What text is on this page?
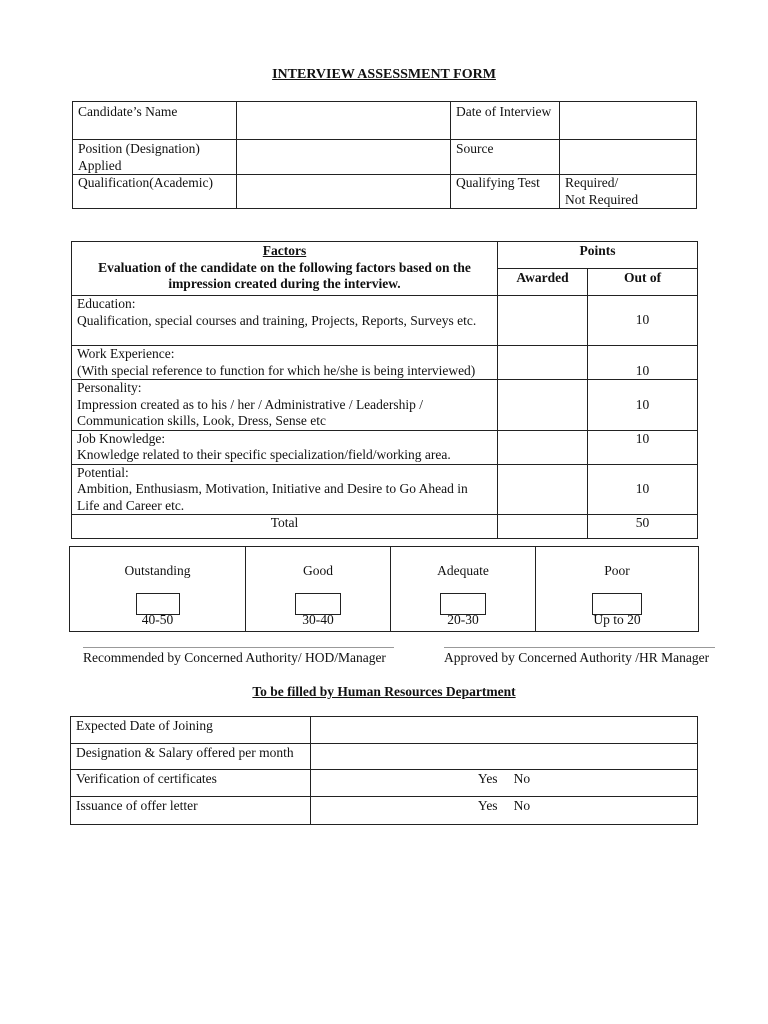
INTERVIEW ASSESSMENT FORM
Candidate’s Name		Date of Interview	
Position (Designation) Applied		Source	
Qualification(Academic)		Qualifying Test	Required/
Not Required
Factors
Evaluation of the candidate on the following factors based on the impression created during the interview.	Points	
	Awarded	Out of

Education:
Qualification, special courses and training, Projects, Reports, Surveys etc.		10

Work Experience:
(With special reference to function for which he/she is being interviewed)		10

Personality:
Impression created as to his / her / Administrative / Leadership / Communication skills, Look, Dress, Sense etc		10

Job Knowledge:
Knowledge related to their specific specialization/field/working area.		10

Potential:
Ambition, Enthusiasm, Motivation, Initiative and Desire to Go Ahead in Life and Career etc.		10
Total		50
Outstanding
40-50

Good
30-40

Adequate
20-30

Poor
Up to 20
Recommended by Concerned Authority/ HOD/Manager	Approved by Concerned Authority /HR Manager
To be filled by Human Resources Department
Expected Date of Joining	
Designation & Salary offered per month	
Verification of certificates	Yes No
Issuance of offer letter	Yes No
